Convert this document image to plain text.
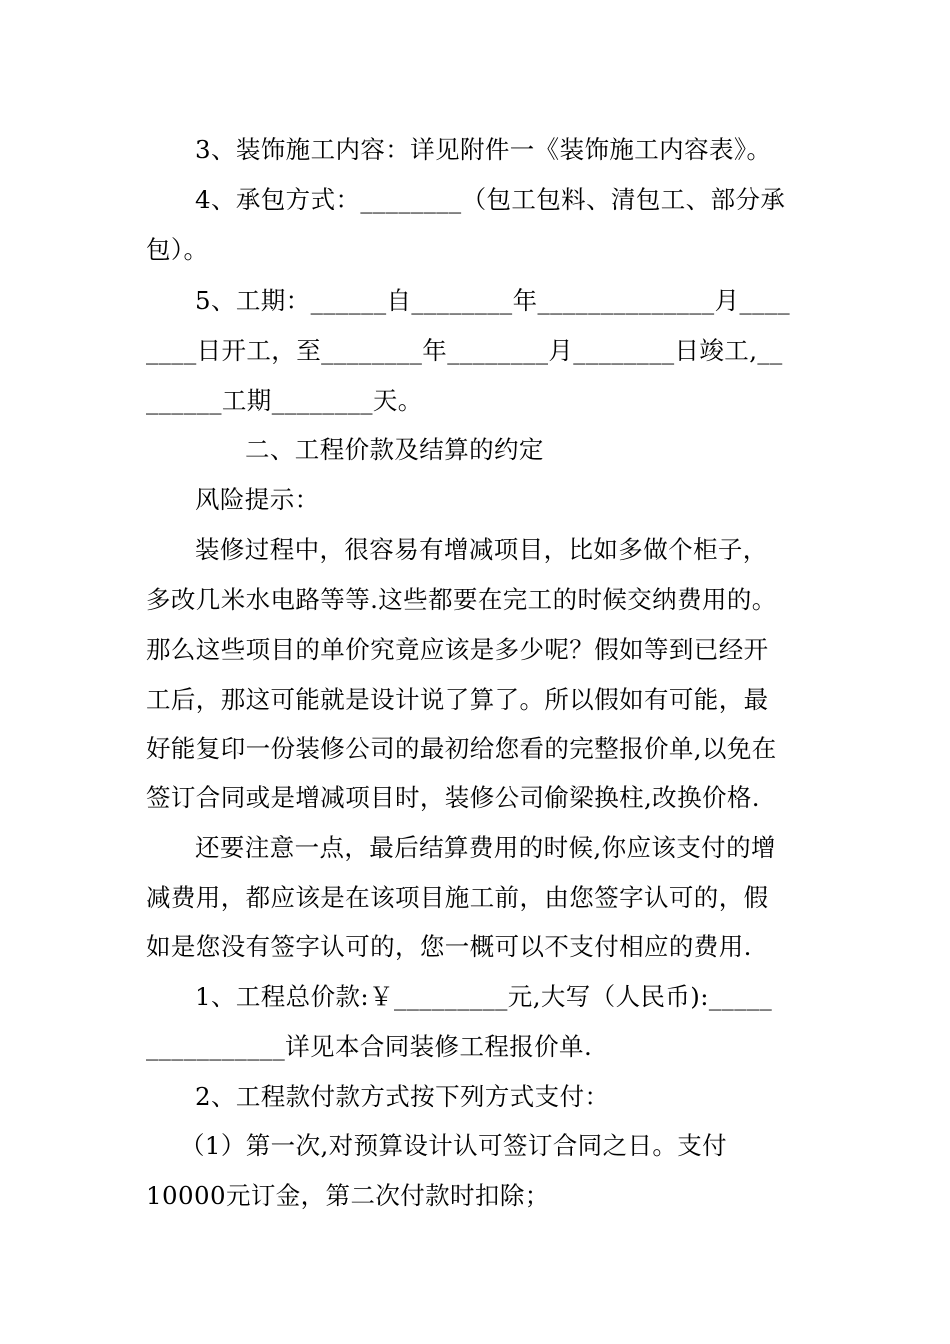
3、装饰施工内容：详见附件一《装饰施工内容表》。
4、承包方式：________（包工包料、清包工、部分承
包）。
5、工期：______自________年______________月____
____日开工，至________年________月________日竣工,__
______工期________天。
二、工程价款及结算的约定
风险提示：
装修过程中，很容易有增减项目，比如多做个柜子，
多改几米水电路等等.这些都要在完工的时候交纳费用的。
那么这些项目的单价究竟应该是多少呢？假如等到已经开
工后，那这可能就是设计说了算了。所以假如有可能，最
好能复印一份装修公司的最初给您看的完整报价单,以免在
签订合同或是增减项目时，装修公司偷梁换柱,改换价格.
还要注意一点，最后结算费用的时候,你应该支付的增
减费用，都应该是在该项目施工前，由您签字认可的，假
如是您没有签字认可的，您一概可以不支付相应的费用.
1、工程总价款:￥_________元,大写（人民币):_____
___________详见本合同装修工程报价单.
2、工程款付款方式按下列方式支付：
（1）第一次,对预算设计认可签订合同之日。支付
10000元订金，第二次付款时扣除；
